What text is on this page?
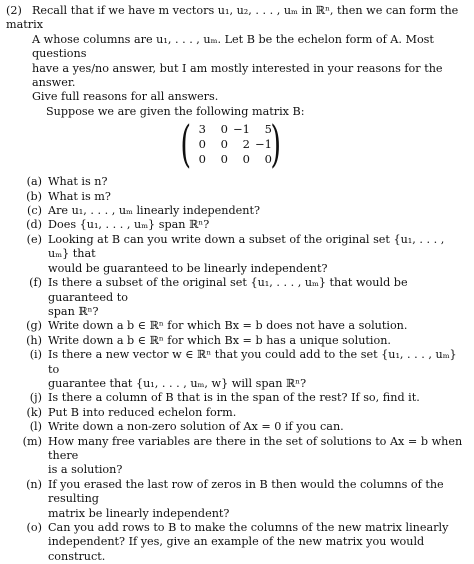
(2) Recall that if we have m vectors u₁, u₂, . . . , uₘ in ℝⁿ, then we can form the matrix
A whose columns are u₁, . . . , uₘ. Let B be the echelon form of A. Most questions
have a yes/no answer, but I am mostly interested in your reasons for the answer.
Give full reasons for all answers.
Suppose we are given the following matrix B:
( 3	0	−1	5
0	0	2	−1
0	0	0	0
)
(a) What is n?
(b) What is m?
(c) Are u₁, . . . , uₘ linearly independent?
(d) Does {u₁, . . . , uₘ} span ℝⁿ?
(e) Looking at B can you write down a subset of the original set {u₁, . . . , uₘ} that
would be guaranteed to be linearly independent?
(f) Is there a subset of the original set {u₁, . . . , uₘ} that would be guaranteed to
span ℝⁿ?
(g) Write down a b ∈ ℝⁿ for which Bx = b does not have a solution.
(h) Write down a b ∈ ℝⁿ for which Bx = b has a unique solution.
(i) Is there a new vector w ∈ ℝⁿ that you could add to the set {u₁, . . . , uₘ} to
guarantee that {u₁, . . . , uₘ, w} will span ℝⁿ?
(j) Is there a column of B that is in the span of the rest? If so, find it.
(k) Put B into reduced echelon form.
(l) Write down a non-zero solution of Ax = 0 if you can.
(m) How many free variables are there in the set of solutions to Ax = b when there
is a solution?
(n) If you erased the last row of zeros in B then would the columns of the resulting
matrix be linearly independent?
(o) Can you add rows to B to make the columns of the new matrix linearly
independent? If yes, give an example of the new matrix you would construct.
